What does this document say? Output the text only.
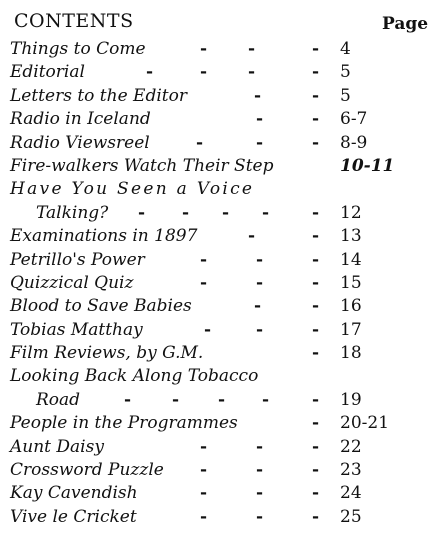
CONTENTS	Page
Things to Come	- -	- 4
Editorial	-	- -	- 5
Letters to the Editor	-	- 5
Radio in Iceland	-	- 6-7
Radio Viewsreel	-	-	- 8-9
Fire-walkers Watch Their Step	10-11
Have You Seen a Voice
Talking? - - - -	- 12
Examinations in 1897	-	- 13
Petrillo's Power	-	-	- 14
Quizzical Quiz	-	-	- 15
Blood to Save Babies	-	- 16
Tobias Matthay	-	-	- 17
Film Reviews, by G.M.	- 18
Looking Back Along Tobacco
Road	- - - -	- 19
People in the Programmes	- 20-21
Aunt Daisy	-	-	- 22
Crossword Puzzle -	-	- 23
Kay Cavendish	-	-	- 24
Vive le Cricket	-	-	- 25
